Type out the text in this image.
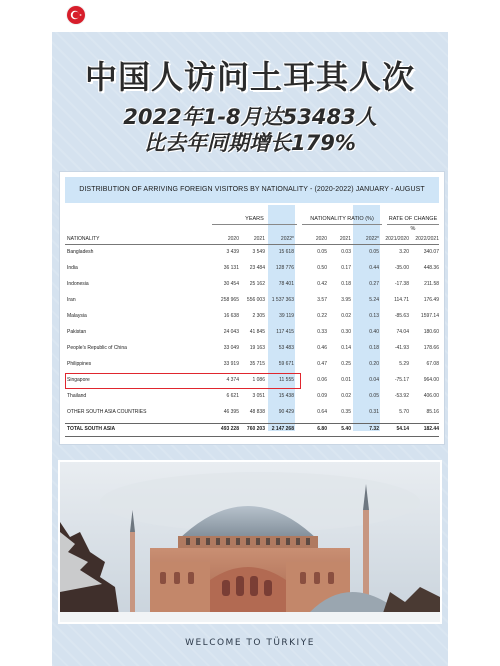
中国人访问土耳其人次
2022年1-8月达53483人
比去年同期增长179%
DISTRIBUTION OF ARRIVING FOREIGN VISITORS BY NATIONALITY - (2020-2022) JANUARY - AUGUST
YEARS	NATIONALITY RATIO (%)	RATE OF CHANGE %
NATIONALITY	2020	2021	2022*	2020	2021	2022*	2021/2020	2022/2021
Bangladesh	3 439	3 549	15 618	0.05	0.03	0.05	3.20	340.07
India	36 131	23 484	128 776	0.50	0.17	0.44	-35.00	448.36
Indonesia	30 454	25 162	78 401	0.42	0.18	0.27	-17.38	211.58
Iran	258 965	556 003	1 537 363	3.57	3.95	5.24	114.71	176.49
Malaysia	16 638	2 305	39 119	0.22	0.02	0.13	-85.63	1597.14
Pakistan	24 043	41 845	117 415	0.33	0.30	0.40	74.04	180.60
People's Republic of China	33 049	19 163	53 483	0.46	0.14	0.18	-41.93	178.66
Philippines	33 919	35 715	59 671	0.47	0.25	0.20	5.29	67.08
Singapore	4 374	1 086	11 555	0.06	0.01	0.04	-75.17	964.00
Thailand	6 621	3 051	15 438	0.09	0.02	0.05	-53.92	406.00
OTHER SOUTH ASIA COUNTRIES	46 395	48 838	90 429	0.64	0.35	0.31	5.70	85.16
TOTAL SOUTH ASIA	493 228	760 203	2 147 268	6.80	5.40	7.32	54.14	182.44
WELCOME TO TÜRKIYE
